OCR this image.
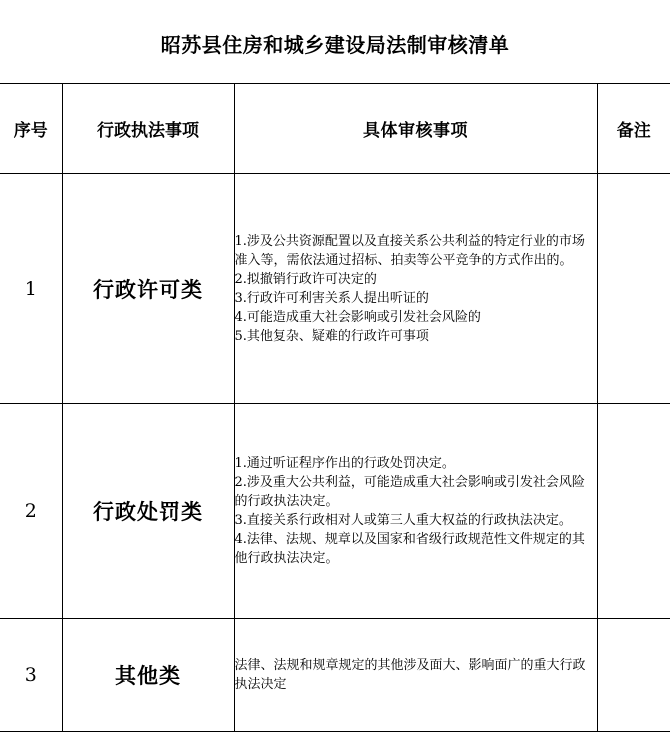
昭苏县住房和城乡建设局法制审核清单
序号	行政执法事项	具体审核事项	备注
1	行政许可类	1.涉及公共资源配置以及直接关系公共利益的特定行业的市场准入等，需依法通过招标、拍卖等公平竞争的方式作出的。
2.拟撤销行政许可决定的
3.行政许可利害关系人提出听证的
4.可能造成重大社会影响或引发社会风险的
5.其他复杂、疑难的行政许可事项	

2	行政处罚类	1.通过听证程序作出的行政处罚决定。
2.涉及重大公共利益，可能造成重大社会影响或引发社会风险的行政执法决定。
3.直接关系行政相对人或第三人重大权益的行政执法决定。
4.法律、法规、规章以及国家和省级行政规范性文件规定的其他行政执法决定。	

3	其他类	法律、法规和规章规定的其他涉及面大、影响面广的重大行政执法决定	
